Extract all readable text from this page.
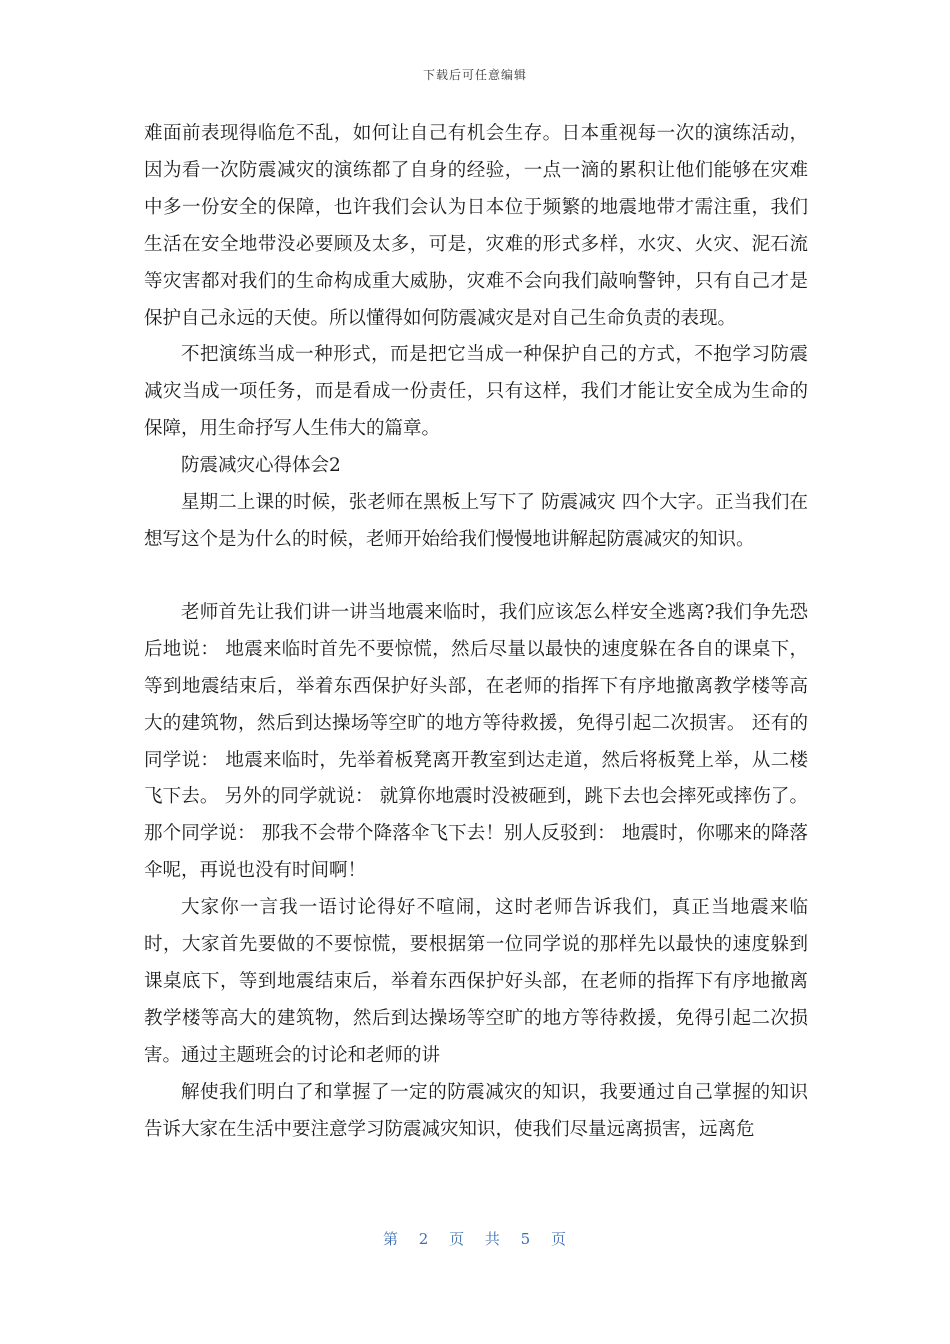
下载后可任意编辑

难面前表现得临危不乱，如何让自己有机会生存。日本重视每一次的演练活动，因为看一次防震减灾的演练都了自身的经验，一点一滴的累积让他们能够在灾难中多一份安全的保障，也许我们会认为日本位于频繁的地震地带才需注重，我们生活在安全地带没必要顾及太多，可是，灾难的形式多样，水灾、火灾、泥石流等灾害都对我们的生命构成重大威胁，灾难不会向我们敲响警钟，只有自己才是保护自己永远的天使。所以懂得如何防震减灾是对自己生命负责的表现。

不把演练当成一种形式，而是把它当成一种保护自己的方式，不抱学习防震减灾当成一项任务，而是看成一份责任，只有这样，我们才能让安全成为生命的保障，用生命抒写人生伟大的篇章。

防震减灾心得体会2

星期二上课的时候，张老师在黑板上写下了 防震减灾 四个大字。正当我们在想写这个是为什么的时候，老师开始给我们慢慢地讲解起防震减灾的知识。

老师首先让我们讲一讲当地震来临时，我们应该怎么样安全逃离?我们争先恐后地说： 地震来临时首先不要惊慌，然后尽量以最快的速度躲在各自的课桌下，等到地震结束后，举着东西保护好头部，在老师的指挥下有序地撤离教学楼等高大的建筑物，然后到达操场等空旷的地方等待救援，免得引起二次损害。 还有的同学说： 地震来临时，先举着板凳离开教室到达走道，然后将板凳上举，从二楼飞下去。 另外的同学就说： 就算你地震时没被砸到，跳下去也会摔死或摔伤了。 那个同学说： 那我不会带个降落伞飞下去！别人反驳到： 地震时，你哪来的降落伞呢，再说也没有时间啊！

大家你一言我一语讨论得好不喧闹，这时老师告诉我们，真正当地震来临时，大家首先要做的不要惊慌，要根据第一位同学说的那样先以最快的速度躲到课桌底下，等到地震结束后，举着东西保护好头部，在老师的指挥下有序地撤离教学楼等高大的建筑物，然后到达操场等空旷的地方等待救援，免得引起二次损害。通过主题班会的讨论和老师的讲

解使我们明白了和掌握了一定的防震减灾的知识，我要通过自己掌握的知识告诉大家在生活中要注意学习防震减灾知识，使我们尽量远离损害，远离危

第 2 页 共 5 页
